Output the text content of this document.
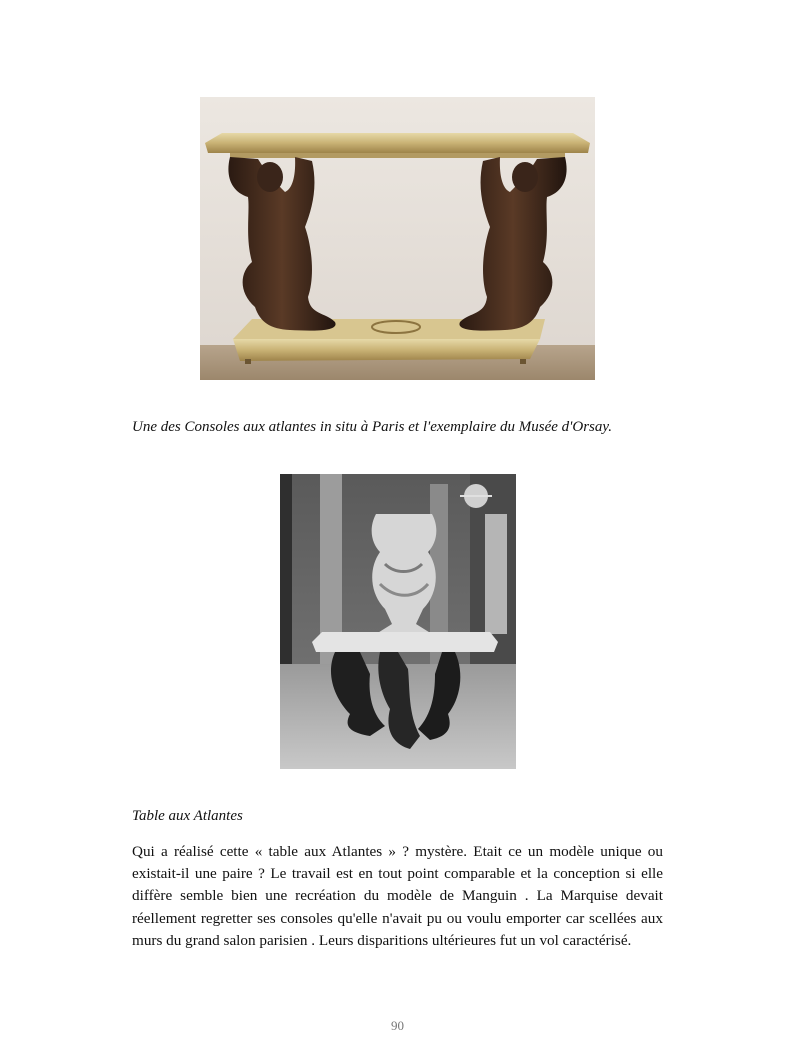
Une des Consoles aux atlantes in situ à Paris et l'exemplaire du Musée d'Orsay.

Table aux Atlantes

Qui a réalisé cette « table aux Atlantes » ? mystère. Etait ce un modèle unique ou existait-il une paire ? Le travail est en tout point comparable et la conception si elle diffère semble bien une recréation du modèle de Manguin . La Marquise devait réellement regretter ses consoles qu'elle n'avait pu ou voulu emporter car scellées aux murs du grand salon parisien . Leurs disparitions ultérieures fut un vol caractérisé.

90
